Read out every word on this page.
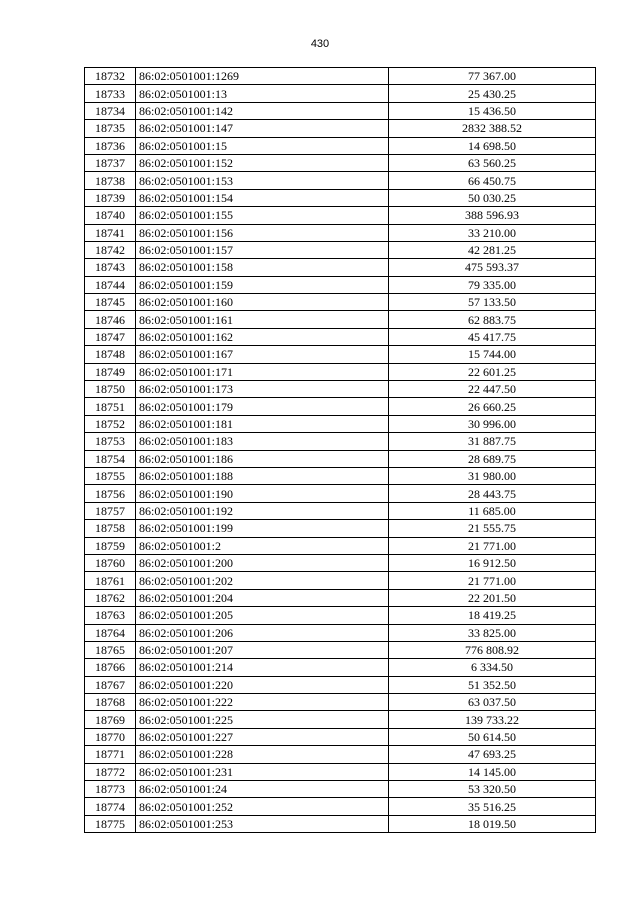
430
18732	86:02:0501001:1269	77 367.00
18733	86:02:0501001:13	25 430.25
18734	86:02:0501001:142	15 436.50
18735	86:02:0501001:147	2832 388.52
18736	86:02:0501001:15	14 698.50
18737	86:02:0501001:152	63 560.25
18738	86:02:0501001:153	66 450.75
18739	86:02:0501001:154	50 030.25
18740	86:02:0501001:155	388 596.93
18741	86:02:0501001:156	33 210.00
18742	86:02:0501001:157	42 281.25
18743	86:02:0501001:158	475 593.37
18744	86:02:0501001:159	79 335.00
18745	86:02:0501001:160	57 133.50
18746	86:02:0501001:161	62 883.75
18747	86:02:0501001:162	45 417.75
18748	86:02:0501001:167	15 744.00
18749	86:02:0501001:171	22 601.25
18750	86:02:0501001:173	22 447.50
18751	86:02:0501001:179	26 660.25
18752	86:02:0501001:181	30 996.00
18753	86:02:0501001:183	31 887.75
18754	86:02:0501001:186	28 689.75
18755	86:02:0501001:188	31 980.00
18756	86:02:0501001:190	28 443.75
18757	86:02:0501001:192	11 685.00
18758	86:02:0501001:199	21 555.75
18759	86:02:0501001:2	21 771.00
18760	86:02:0501001:200	16 912.50
18761	86:02:0501001:202	21 771.00
18762	86:02:0501001:204	22 201.50
18763	86:02:0501001:205	18 419.25
18764	86:02:0501001:206	33 825.00
18765	86:02:0501001:207	776 808.92
18766	86:02:0501001:214	6 334.50
18767	86:02:0501001:220	51 352.50
18768	86:02:0501001:222	63 037.50
18769	86:02:0501001:225	139 733.22
18770	86:02:0501001:227	50 614.50
18771	86:02:0501001:228	47 693.25
18772	86:02:0501001:231	14 145.00
18773	86:02:0501001:24	53 320.50
18774	86:02:0501001:252	35 516.25
18775	86:02:0501001:253	18 019.50
